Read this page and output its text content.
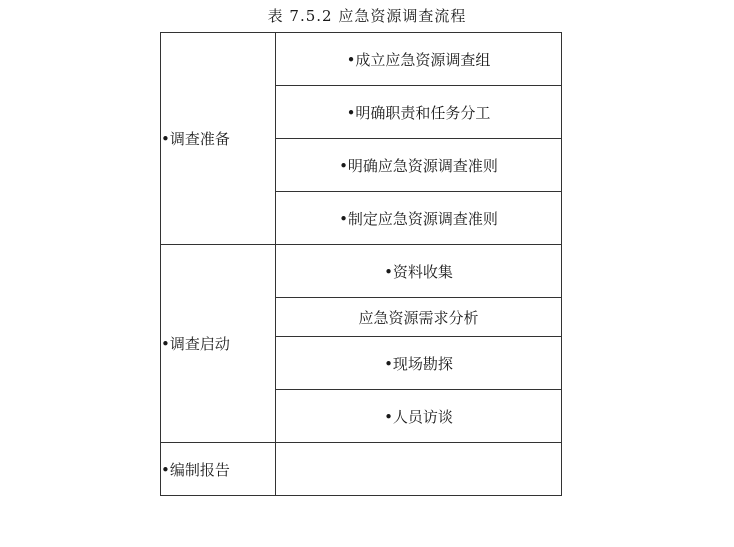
表 7.5.2 应急资源调查流程
•调查准备	•成立应急资源调查组
	•明确职责和任务分工
	•明确应急资源调查准则
	•制定应急资源调查准则
•调查启动	•资料收集
	应急资源需求分析
	•现场勘探
	•人员访谈
•编制报告	
